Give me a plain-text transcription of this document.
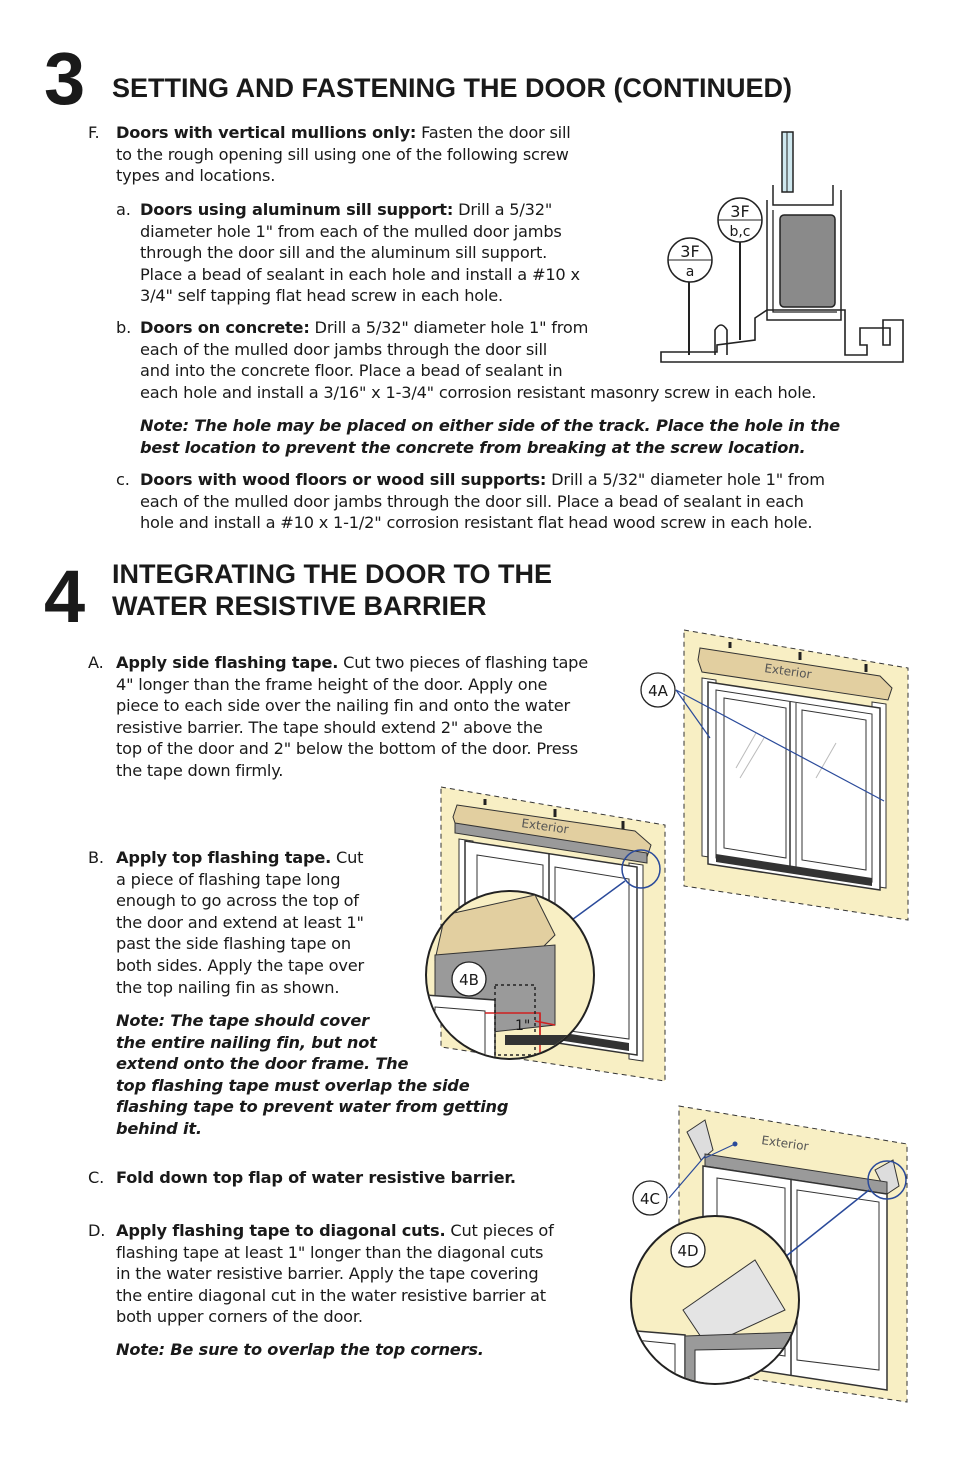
3 SETTING AND FASTENING THE DOOR (CONTINUED)
F. Doors with vertical mullions only: Fasten the door sill
to the rough opening sill using one of the following screw
types and locations.
a. Doors using aluminum sill support: Drill a 5/32"
diameter hole 1" from each of the mulled door jambs
through the door sill and the aluminum sill support.
Place a bead of sealant in each hole and install a #10 x
3/4" self tapping flat head screw in each hole.
b. Doors on concrete: Drill a 5/32" diameter hole 1" from
each of the mulled door jambs through the door sill
and into the concrete floor. Place a bead of sealant in
each hole and install a 3/16" x 1-3/4" corrosion resistant masonry screw in each hole.
Note: The hole may be placed on either side of the track. Place the hole in the
best location to prevent the concrete from breaking at the screw location.
c. Doors with wood floors or wood sill supports: Drill a 5/32" diameter hole 1" from
each of the mulled door jambs through the door sill. Place a bead of sealant in each
hole and install a #10 x 1-1/2" corrosion resistant flat head wood screw in each hole.
3F
b,c
3F
a
4 INTEGRATING THE DOOR TO THE
WATER RESISTIVE BARRIER
A. Apply side flashing tape. Cut two pieces of flashing tape
4" longer than the frame height of the door. Apply one
piece to each side over the nailing fin and onto the water
resistive barrier. The tape should extend 2" above the
top of the door and 2" below the bottom of the door. Press
the tape down firmly.
B. Apply top flashing tape. Cut
a piece of flashing tape long
enough to go across the top of
the door and extend at least 1"
past the side flashing tape on
both sides. Apply the tape over
the top nailing fin as shown.
Note: The tape should cover
the entire nailing fin, but not
extend onto the door frame. The
top flashing tape must overlap the side
flashing tape to prevent water from getting
behind it.
C. Fold down top flap of water resistive barrier.
D. Apply flashing tape to diagonal cuts. Cut pieces of
flashing tape at least 1" longer than the diagonal cuts
in the water resistive barrier. Apply the tape covering
the entire diagonal cut in the water resistive barrier at
both upper corners of the door.
Note: Be sure to overlap the top corners.
Exterior
4A
Exterior
1"
4B
Exterior
4C
4D
